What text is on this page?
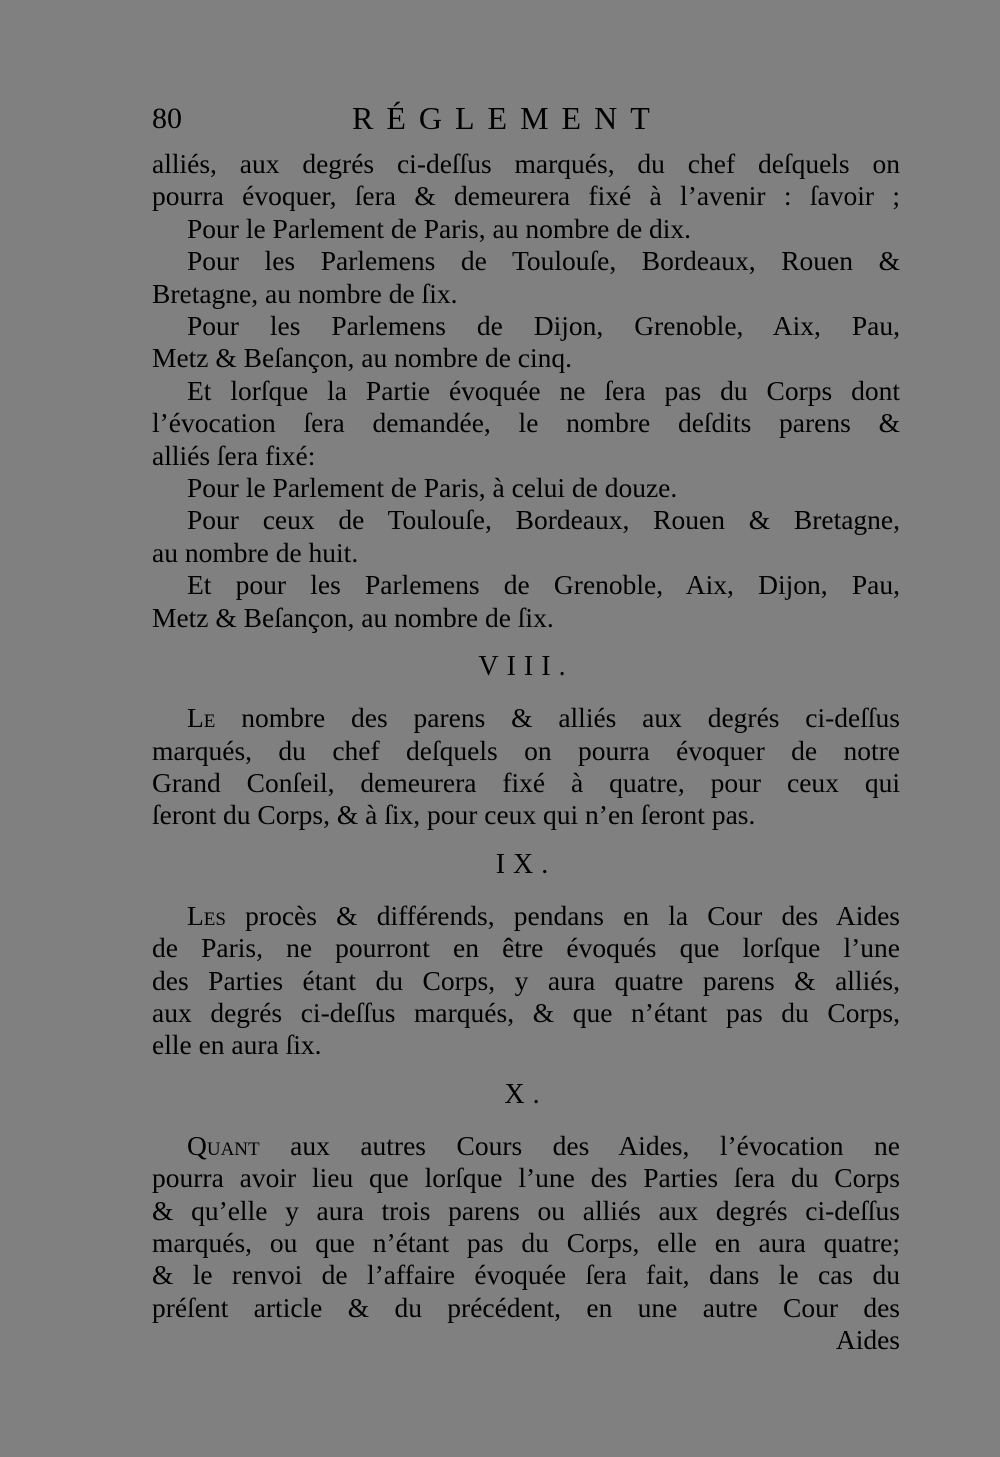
80	RÉGLEMENT
alliés, aux degrés ci-deſſus marqués, du chef deſquels on
pourra évoquer, ſera & demeurera fixé à l’avenir : ſavoir ;
Pour le Parlement de Paris, au nombre de dix.
Pour les Parlemens de Toulouſe, Bordeaux, Rouen &
Bretagne, au nombre de ſix.
Pour les Parlemens de Dijon, Grenoble, Aix, Pau,
Metz & Beſançon, au nombre de cinq.
Et lorſque la Partie évoquée ne ſera pas du Corps dont
l’évocation ſera demandée, le nombre deſdits parens &
alliés ſera fixé:
Pour le Parlement de Paris, à celui de douze.
Pour ceux de Toulouſe, Bordeaux, Rouen & Bretagne,
au nombre de huit.
Et pour les Parlemens de Grenoble, Aix, Dijon, Pau,
Metz & Beſançon, au nombre de ſix.
VIII.
Le nombre des parens & alliés aux degrés ci-deſſus
marqués, du chef deſquels on pourra évoquer de notre
Grand Conſeil, demeurera fixé à quatre, pour ceux qui
ſeront du Corps, & à ſix, pour ceux qui n’en ſeront pas.
IX.
Les procès & différends, pendans en la Cour des Aides
de Paris, ne pourront en être évoqués que lorſque l’une
des Parties étant du Corps, y aura quatre parens & alliés,
aux degrés ci-deſſus marqués, & que n’étant pas du Corps,
elle en aura ſix.
X.
Quant aux autres Cours des Aides, l’évocation ne
pourra avoir lieu que lorſque l’une des Parties ſera du Corps
& qu’elle y aura trois parens ou alliés aux degrés ci-deſſus
marqués, ou que n’étant pas du Corps, elle en aura quatre;
& le renvoi de l’affaire évoquée ſera fait, dans le cas du
préſent article & du précédent, en une autre Cour des
Aides
